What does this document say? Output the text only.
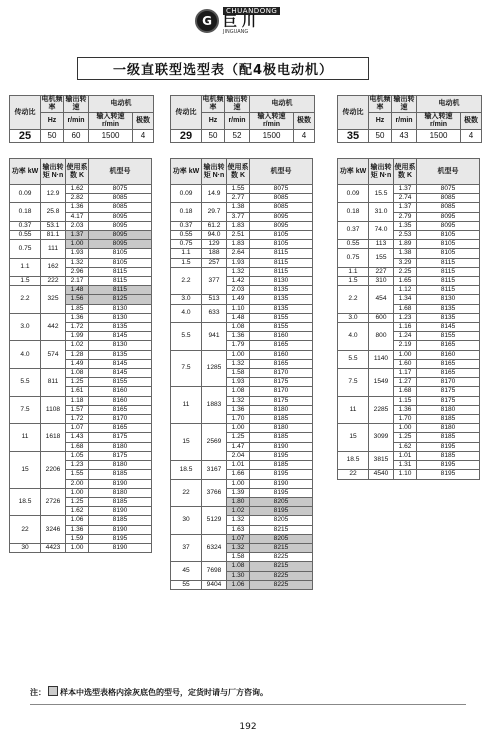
G
CHUANDONG
巨 川
JINGUANG
一级直联型选型表（配4极电动机）
传动比	电机频率	输出转速	电动机	
	Hz	r/min	输入转速 r/min	极数
25	50	60	1500	4
功率 kW	输出转矩 N·n	使用系数 K	机型号
0.09	12.9	1.62	8075
		2.82	8085
0.18	25.8	1.36	8085
		4.17	8095
0.37	53.1	2.03	8095
0.55	81.1	1.37	8095
0.75	111	1.00	8095
		1.93	8105
1.1	162	1.32	8105
		2.96	8115
1.5	222	2.17	8115
2.2	325	1.48	8115
		1.56	8125
		1.85	8130
3.0	442	1.36	8130
		1.72	8135
		1.99	8145
4.0	574	1.02	8130
		1.28	8135
		1.49	8145
5.5	811	1.08	8145
		1.25	8155
		1.61	8160
7.5	1108	1.18	8160
		1.57	8165
		1.72	8170
11	1618	1.07	8165
		1.43	8175
		1.68	8180
15	2206	1.05	8175
		1.23	8180
		1.55	8185
		2.00	8190
18.5	2726	1.00	8180
		1.25	8185
		1.62	8190
22	3246	1.06	8185
		1.36	8190
		1.59	8195
30	4423	1.00	8190
传动比	电机频率	输出转速	电动机	
	Hz	r/min	输入转速 r/min	极数
29	50	52	1500	4
功率 kW	输出转矩 N·n	使用系数 K	机型号
0.09	14.9	1.55	8075
		2.77	8085
0.18	29.7	1.38	8085
		3.77	8095
0.37	61.2	1.83	8095
0.55	94.0	2.51	8105
0.75	129	1.83	8105
1.1	188	2.64	8115
1.5	257	1.93	8115
2.2	377	1.32	8115
		1.42	8130
		2.03	8135
3.0	513	1.49	8135
4.0	633	1.10	8135
		1.48	8155
5.5	941	1.08	8155
		1.36	8160
		1.79	8165
7.5	1285	1.00	8160
		1.32	8165
		1.58	8170
		1.93	8175
11	1883	1.08	8170
		1.32	8175
		1.36	8180
		1.70	8185
15	2569	1.00	8180
		1.25	8185
		1.47	8190
		2.04	8195
18.5	3167	1.01	8185
		1.66	8195
22	3766	1.00	8190
		1.39	8195
		1.80	8205
30	5129	1.02	8195
		1.32	8205
		1.63	8215
37	6324	1.07	8205
		1.32	8215
		1.58	8225
45	7698	1.08	8215
		1.30	8225
55	9404	1.06	8225
传动比	电机频率	输出转速	电动机	
	Hz	r/min	输入转速 r/min	极数
35	50	43	1500	4
功率 kW	输出转矩 N·n	使用系数 K	机型号
0.09	15.5	1.37	8075
		2.74	8085
0.18	31.0	1.37	8085
		2.79	8095
0.37	74.0	1.35	8095
		2.53	8105
0.55	113	1.89	8105
0.75	155	1.38	8105
		3.29	8115
1.1	227	2.25	8115
1.5	310	1.65	8115
2.2	454	1.12	8115
		1.34	8130
		1.68	8135
3.0	600	1.23	8135
4.0	800	1.16	8145
		1.24	8155
		2.19	8165
5.5	1140	1.00	8160
		1.60	8165
7.5	1549	1.17	8165
		1.27	8170
		1.68	8175
11	2285	1.15	8175
		1.36	8180
		1.70	8185
15	3099	1.00	8180
		1.25	8185
		1.62	8195
18.5	3815	1.01	8185
		1.31	8195
22	4540	1.10	8195
注： 样本中选型表格内涂灰底色的型号，定货时请与厂方咨询。
192
